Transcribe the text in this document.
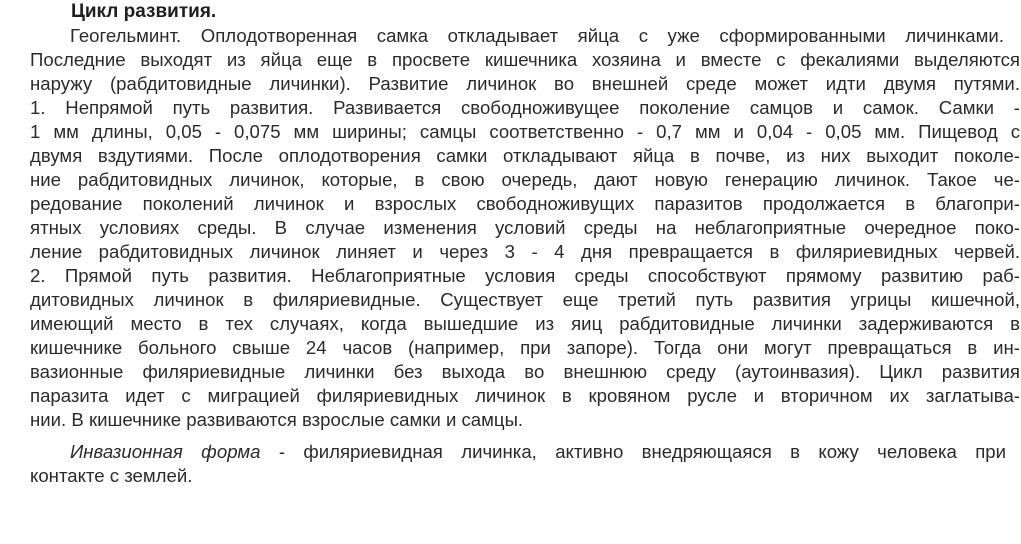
Цикл развития.
Геогельминт. Оплодотворенная самка откладывает яйца с уже сформированными личинками.
Последние выходят из яйца еще в просвете кишечника хозяина и вместе с фекалиями выделяются
наружу (рабдитовидные личинки). Развитие личинок во внешней среде может идти двумя путями.
1. Непрямой путь развития. Развивается свободноживущее поколение самцов и самок. Самки -
1 мм длины, 0,05 - 0,075 мм ширины; самцы соответственно - 0,7 мм и 0,04 - 0,05 мм. Пищевод с
двумя вздутиями. После оплодотворения самки откладывают яйца в почве, из них выходит поколе-
ние рабдитовидных личинок, которые, в свою очередь, дают новую генерацию личинок. Такое че-
редование поколений личинок и взрослых свободноживущих паразитов продолжается в благопри-
ятных условиях среды. В случае изменения условий среды на неблагоприятные очередное поко-
ление рабдитовидных личинок линяет и через 3 - 4 дня превращается в филяриевидных червей.
2. Прямой путь развития. Неблагоприятные условия среды способствуют прямому развитию раб-
дитовидных личинок в филяриевидные. Существует еще третий путь развития угрицы кишечной,
имеющий место в тех случаях, когда вышедшие из яиц рабдитовидные личинки задерживаются в
кишечнике больного свыше 24 часов (например, при запоре). Тогда они могут превращаться в ин-
вазионные филяриевидные личинки без выхода во внешнюю среду (аутоинвазия). Цикл развития
паразита идет с миграцией филяриевидных личинок в кровяном русле и вторичном их заглатыва-
нии. В кишечнике развиваются взрослые самки и самцы.
Инвазионная форма - филяриевидная личинка, активно внедряющаяся в кожу человека при
контакте с землей.
